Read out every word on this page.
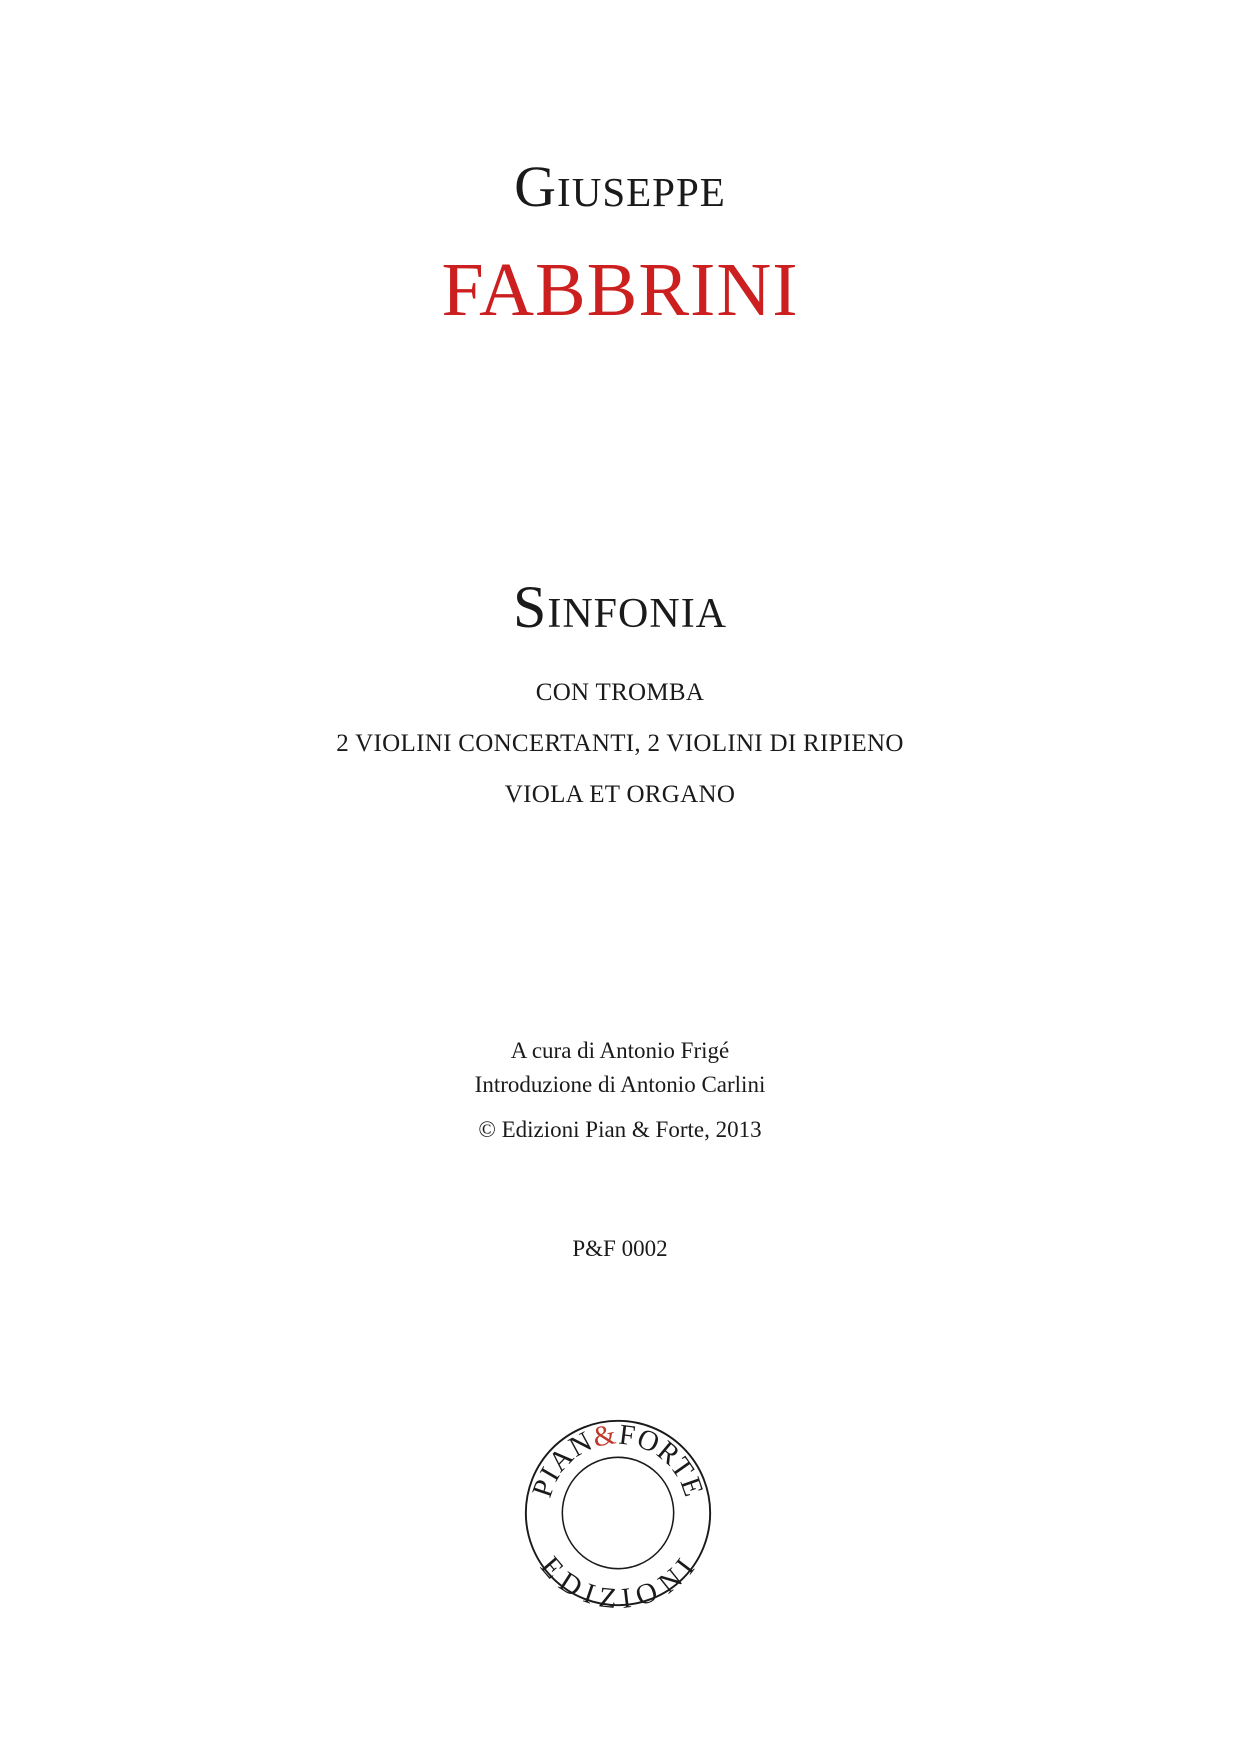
Giuseppe
FABBRINI
Sinfonia
CON TROMBA
2 VIOLINI CONCERTANTI, 2 VIOLINI DI RIPIENO
VIOLA ET ORGANO
A cura di Antonio Frigé
Introduzione di Antonio Carlini
© Edizioni Pian & Forte, 2013
P&F 0002
PIAN&FORTE
EDIZIONI
